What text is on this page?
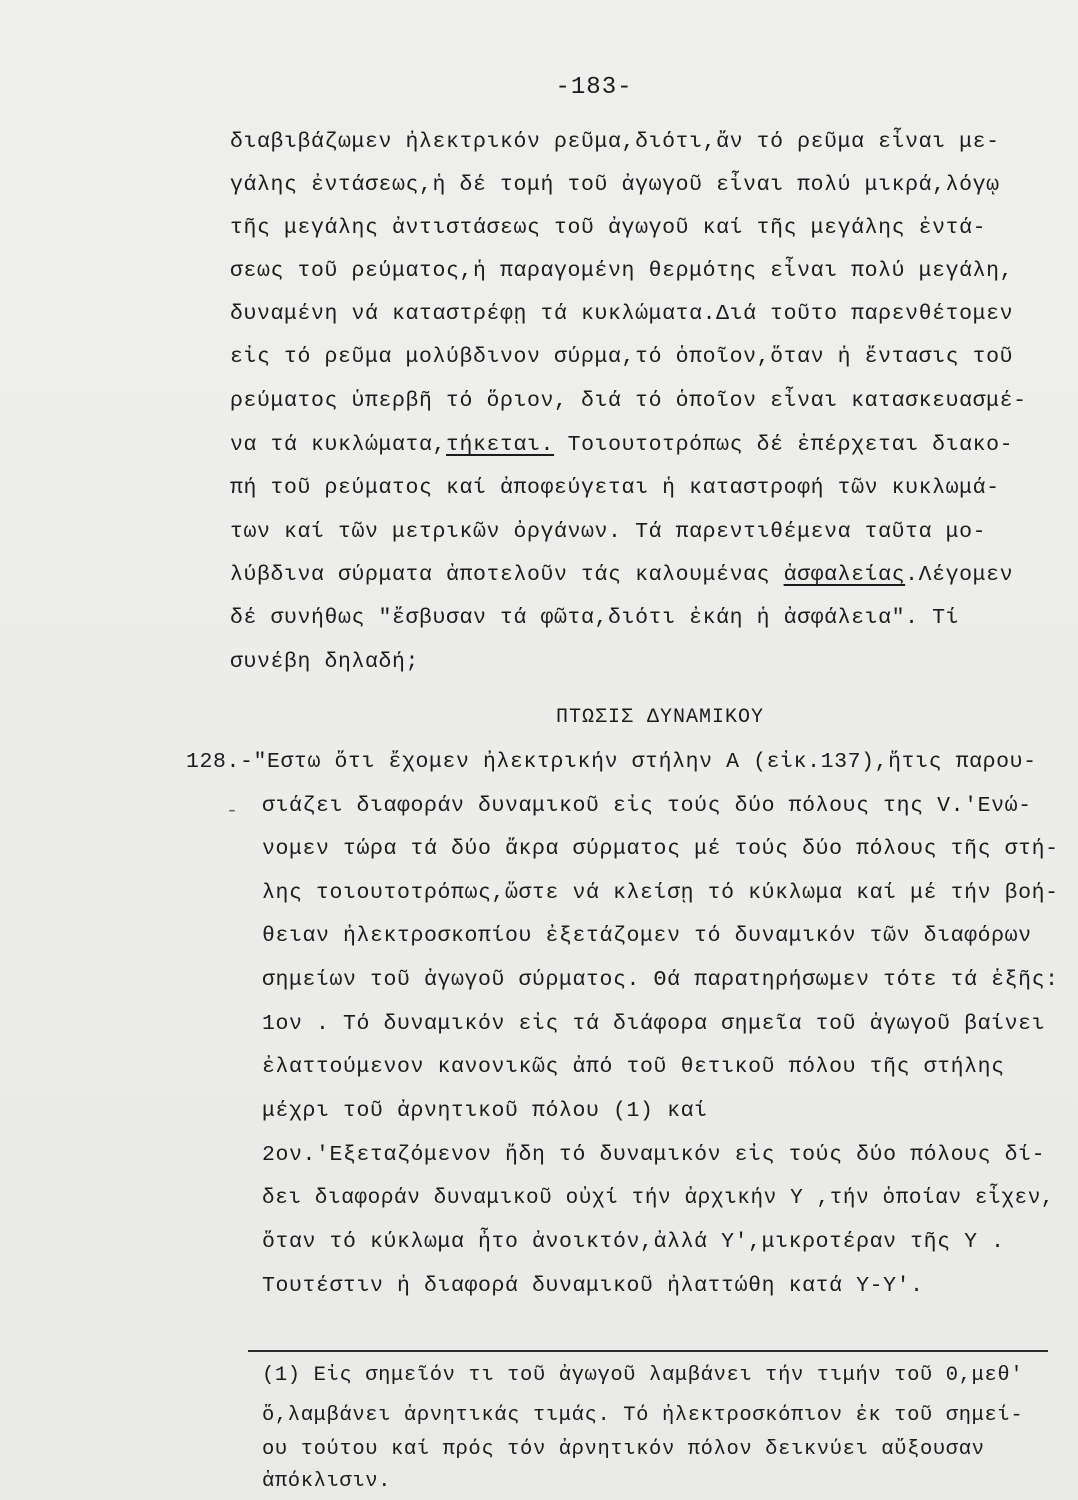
-183-
διαβιβάζωμεν ἠλεκτρικόν ρεῦμα,διότι,ἄν τό ρεῦμα εἶναι με-
γάλης ἐντάσεως,ἡ δέ τομή τοῦ ἀγωγοῦ εἶναι πολύ μικρά,λόγῳ
τῆς μεγάλης ἀντιστάσεως τοῦ ἀγωγοῦ καί τῆς μεγάλης ἐντά-
σεως τοῦ ρεύματος,ἡ παραγομένη θερμότης εἶναι πολύ μεγάλη,
δυναμένη νά καταστρέφῃ τά κυκλώματα.Διά τοῦτο παρενθέτομεν
εἰς τό ρεῦμα μολύβδινον σύρμα,τό ὁποῖον,ὅταν ἡ ἔντασις τοῦ
ρεύματος ὑπερβῆ τό ὅριον, διά τό ὁποῖον εἶναι κατασκευασμέ-
να τά κυκλώματα,τήκεται. Τοιουτοτρόπως δέ ἐπέρχεται διακο-
πή τοῦ ρεύματος καί ἀποφεύγεται ἡ καταστροφή τῶν κυκλωμά-
των καί τῶν μετρικῶν ὀργάνων. Τά παρεντιθέμενα ταῦτα μο-
λύβδινα σύρματα ἀποτελοῦν τάς καλουμένας ἀσφαλείας.Λέγομεν
δέ συνήθως "ἔσβυσαν τά φῶτα,διότι ἐκάη ἡ ἀσφάλεια". Τί
συνέβη δηλαδή;
ΠΤΩΣΙΣ ΔΥΝΑΜΙΚΟΥ
128.-"Εστω ὅτι ἔχομεν ἠλεκτρικήν στήλην Α (εἰκ.137),ἥτις παρου-
- σιάζει διαφοράν δυναμικοῦ εἰς τούς δύο πόλους της V.'Ενώ-
νομεν τώρα τά δύο ἄκρα σύρματος μέ τούς δύο πόλους τῆς στή-
λης τοιουτοτρόπως,ὥστε νά κλείσῃ τό κύκλωμα καί μέ τήν βοή-
θειαν ἠλεκτροσκοπίου ἐξετάζομεν τό δυναμικόν τῶν διαφόρων
σημείων τοῦ ἀγωγοῦ σύρματος. Θά παρατηρήσωμεν τότε τά ἑξῆς:
1ον . Τό δυναμικόν εἰς τά διάφορα σημεῖα τοῦ ἀγωγοῦ βαίνει
ἐλαττούμενον κανονικῶς ἀπό τοῦ θετικοῦ πόλου τῆς στήλης
μέχρι τοῦ ἀρνητικοῦ πόλου (1) καί
2ον.'Εξεταζόμενον ἤδη τό δυναμικόν εἰς τούς δύο πόλους δί-
δει διαφοράν δυναμικοῦ οὐχί τήν ἀρχικήν Υ ,τήν ὁποίαν εἶχεν,
ὅταν τό κύκλωμα ἦτο ἀνοικτόν,ἀλλά Υ',μικροτέραν τῆς Υ .
Τουτέστιν ἡ διαφορά δυναμικοῦ ἠλαττώθη κατά Υ-Υ'.
(1) Εἰς σημεῖόν τι τοῦ ἀγωγοῦ λαμβάνει τήν τιμήν τοῦ 0,μεθ'
ὅ,λαμβάνει ἀρνητικάς τιμάς. Τό ἠλεκτροσκόπιον ἐκ τοῦ σημεί-
ου τούτου καί πρός τόν ἀρνητικόν πόλον δεικνύει αὔξουσαν
ἀπόκλισιν.
